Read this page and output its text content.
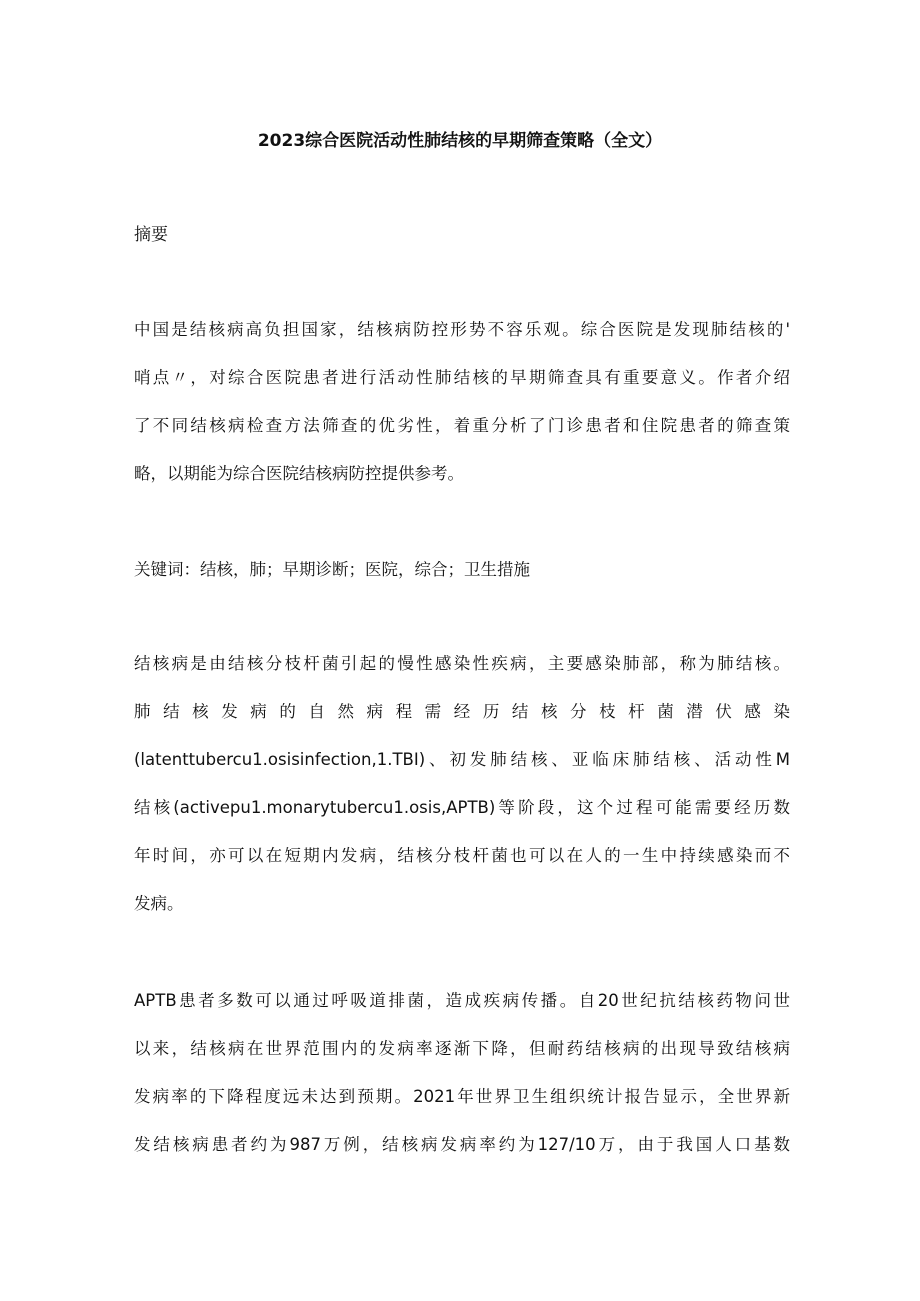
2023综合医院活动性肺结核的早期筛查策略（全文）
摘要
中国是结核病高负担国家，结核病防控形势不容乐观。综合医院是发现肺结核的'
哨点〃，对综合医院患者进行活动性肺结核的早期筛查具有重要意义。作者介绍
了不同结核病检查方法筛查的优劣性，着重分析了门诊患者和住院患者的筛查策
略，以期能为综合医院结核病防控提供参考。
关键词：结核，肺；早期诊断；医院，综合；卫生措施
结核病是由结核分枝杆菌引起的慢性感染性疾病，主要感染肺部，称为肺结核。
肺结核发病的自然病程需经历结核分枝杆菌潜伏感染
(latenttubercu1.osisinfection,1.TBI)、初发肺结核、亚临床肺结核、活动性M
结核(activepu1.monarytubercu1.osis,APTB)等阶段，这个过程可能需要经历数
年时间，亦可以在短期内发病，结核分枝杆菌也可以在人的一生中持续感染而不
发病。
APTB患者多数可以通过呼吸道排菌，造成疾病传播。自20世纪抗结核药物问世
以来，结核病在世界范围内的发病率逐渐下降，但耐药结核病的出现导致结核病
发病率的下降程度远未达到预期。2021年世界卫生组织统计报告显示，全世界新
发结核病患者约为987万例，结核病发病率约为127/10万，由于我国人口基数
